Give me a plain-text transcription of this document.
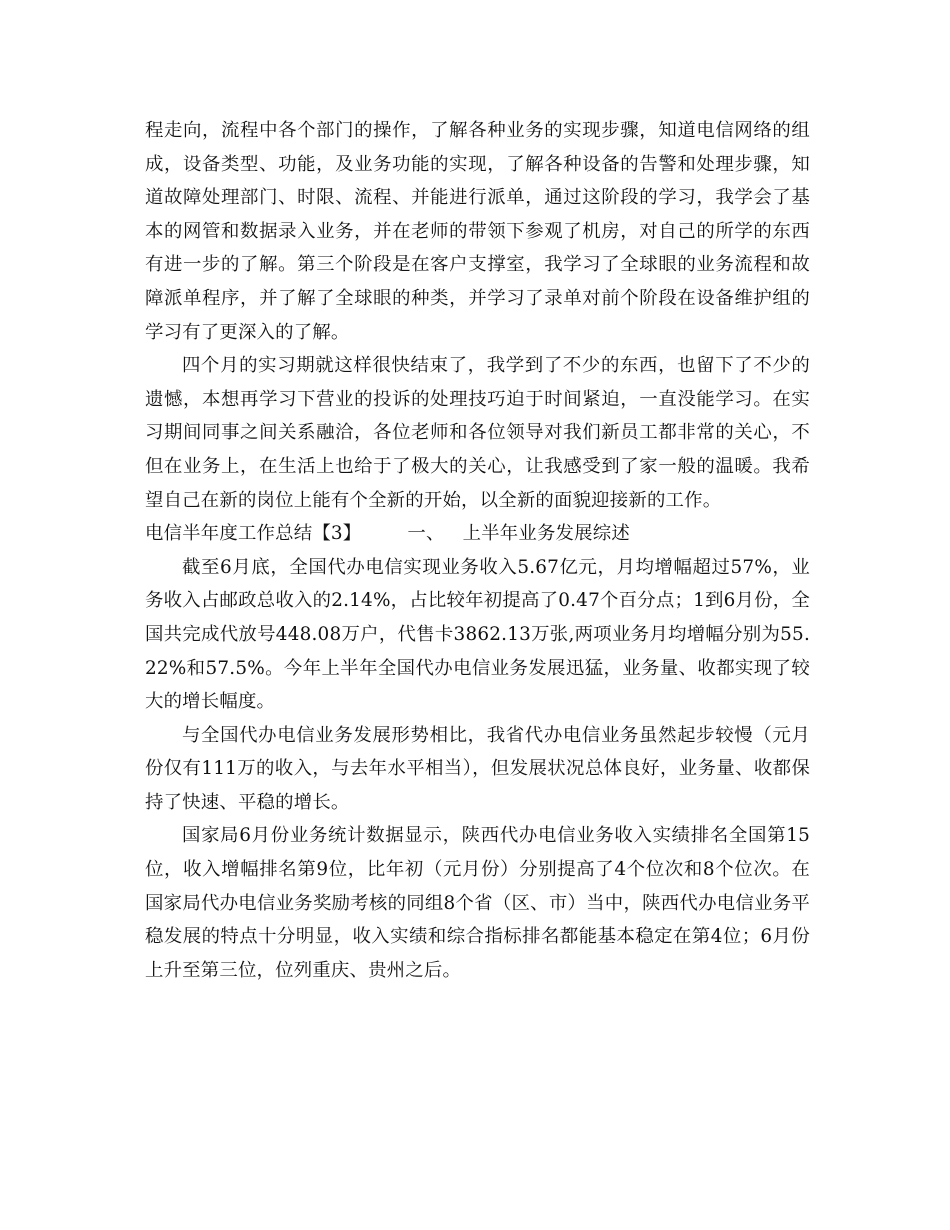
程走向，流程中各个部门的操作，了解各种业务的实现步骤，知道电信网络的组成，设备类型、功能，及业务功能的实现，了解各种设备的告警和处理步骤，知道故障处理部门、时限、流程、并能进行派单，通过这阶段的学习，我学会了基本的网管和数据录入业务，并在老师的带领下参观了机房，对自己的所学的东西有进一步的了解。第三个阶段是在客户支撑室，我学习了全球眼的业务流程和故障派单程序，并了解了全球眼的种类，并学习了录单对前个阶段在设备维护组的学习有了更深入的了解。

四个月的实习期就这样很快结束了，我学到了不少的东西，也留下了不少的遗憾，本想再学习下营业的投诉的处理技巧迫于时间紧迫，一直没能学习。在实习期间同事之间关系融洽，各位老师和各位领导对我们新员工都非常的关心，不但在业务上，在生活上也给于了极大的关心，让我感受到了家一般的温暖。我希望自己在新的岗位上能有个全新的开始，以全新的面貌迎接新的工作。

电信半年度工作总结【3】	一、 上半年业务发展综述

截至6月底，全国代办电信实现业务收入5.67亿元，月均增幅超过57%，业务收入占邮政总收入的2.14%，占比较年初提高了0.47个百分点；1到6月份，全国共完成代放号448.08万户，代售卡3862.13万张,两项业务月均增幅分别为55.22%和57.5%。今年上半年全国代办电信业务发展迅猛，业务量、收都实现了较大的增长幅度。

与全国代办电信业务发展形势相比，我省代办电信业务虽然起步较慢（元月份仅有111万的收入，与去年水平相当），但发展状况总体良好，业务量、收都保持了快速、平稳的增长。

国家局6月份业务统计数据显示，陕西代办电信业务收入实绩排名全国第15位，收入增幅排名第9位，比年初（元月份）分别提高了4个位次和8个位次。在国家局代办电信业务奖励考核的同组8个省（区、市）当中，陕西代办电信业务平稳发展的特点十分明显，收入实绩和综合指标排名都能基本稳定在第4位；6月份上升至第三位，位列重庆、贵州之后。
